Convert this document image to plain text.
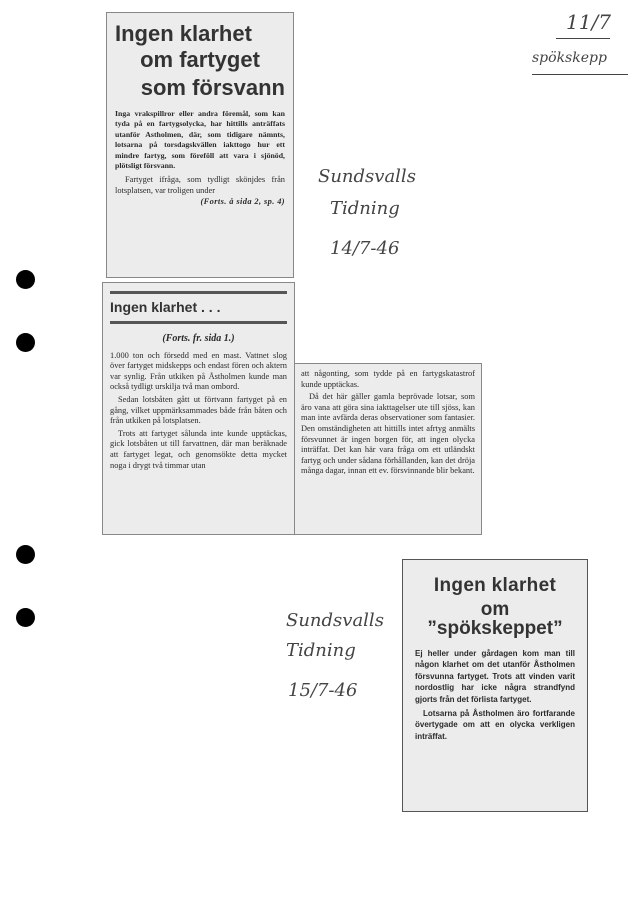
11/7
spökskepp
Sundsvalls
Tidning
14/7-46
Sundsvalls
Tidning
15/7-46
Ingen klarhet
om fartyget
som försvann
Inga vrakspillror eller andra föremål, som kan tyda på en fartygsolycka, har hittills anträffats utanför Astholmen, där, som tidigare nämnts, lotsarna på torsdagskvällen iakttogo hur ett mindre fartyg, som föreföll att vara i sjönöd, plötsligt försvann.
Fartyget ifråga, som tydligt skönjdes från lotsplatsen, var troligen under
(Forts. å sida 2, sp. 4)
Ingen klarhet . . .
(Forts. fr. sida 1.)

1.000 ton och försedd med en mast. Vattnet slog över fartyget midskepps och endast fören och aktern var synlig. Från utkiken på Åstholmen kunde man också tydligt urskilja två man ombord.

Sedan lotsbåten gått ut förtvann fartyget på en gång, vilket uppmärksammades både från båten och från utkiken på lotsplatsen.

Trots att fartyget sålunda inte kunde upptäckas, gick lotsbåten ut till farvattnen, där man beräknade att fartyget legat, och genomsökte detta mycket noga i drygt två timmar utan

att någonting, som tydde på en fartygskatastrof kunde upptäckas.

Då det här gäller gamla beprövade lotsar, som äro vana att göra sina iakttagelser ute till sjöss, kan man inte avfärda deras observationer som fantasier. Den omständigheten att hittills intet afrtyg anmälts försvunnet är ingen borgen för, att ingen olycka inträffat. Det kan här vara fråga om ett utländskt fartyg och under sådana förhållanden, kan det dröja många dagar, innan ett ev. försvinnande blir bekant.

Ingen klarhet
om ”spökskeppet”
Ej heller under gårdagen kom man till någon klarhet om det utanför Åstholmen försvunna fartyget. Trots att vinden varit nordostlig har icke några strandfynd gjorts från det förlista fartyget.
Lotsarna på Åstholmen äro fortfarande övertygade om att en olycka verkligen inträffat.
